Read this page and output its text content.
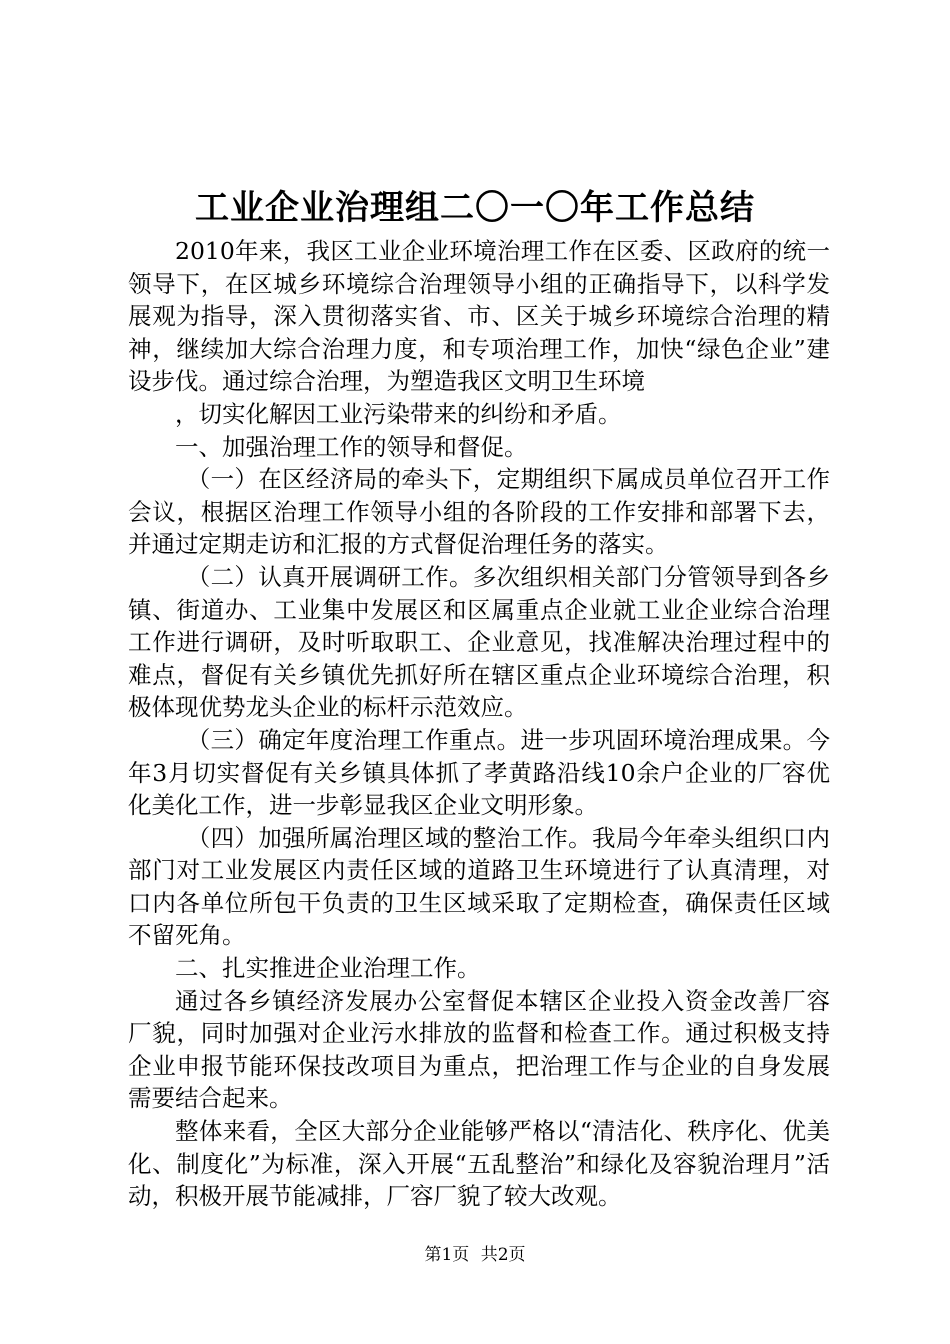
工业企业治理组二〇一〇年工作总结

2010年来，我区工业企业环境治理工作在区委、区政府的统一领导下，在区城乡环境综合治理领导小组的正确指导下，以科学发展观为指导，深入贯彻落实省、市、区关于城乡环境综合治理的精神，继续加大综合治理力度，和专项治理工作，加快“绿色企业”建设步伐。通过综合治理，为塑造我区文明卫生环境

，切实化解因工业污染带来的纠纷和矛盾。

一、加强治理工作的领导和督促。

（一）在区经济局的牵头下，定期组织下属成员单位召开工作会议，根据区治理工作领导小组的各阶段的工作安排和部署下去，并通过定期走访和汇报的方式督促治理任务的落实。

（二）认真开展调研工作。多次组织相关部门分管领导到各乡镇、街道办、工业集中发展区和区属重点企业就工业企业综合治理工作进行调研，及时听取职工、企业意见，找准解决治理过程中的难点，督促有关乡镇优先抓好所在辖区重点企业环境综合治理，积极体现优势龙头企业的标杆示范效应。

（三）确定年度治理工作重点。进一步巩固环境治理成果。今年3月切实督促有关乡镇具体抓了孝黄路沿线10余户企业的厂容优化美化工作，进一步彰显我区企业文明形象。

（四）加强所属治理区域的整治工作。我局今年牵头组织口内部门对工业发展区内责任区域的道路卫生环境进行了认真清理，对口内各单位所包干负责的卫生区域采取了定期检查，确保责任区域不留死角。

二、扎实推进企业治理工作。

通过各乡镇经济发展办公室督促本辖区企业投入资金改善厂容厂貌，同时加强对企业污水排放的监督和检查工作。通过积极支持企业申报节能环保技改项目为重点，把治理工作与企业的自身发展需要结合起来。

整体来看，全区大部分企业能够严格以“清洁化、秩序化、优美化、制度化”为标准，深入开展“五乱整治”和绿化及容貌治理月”活动，积极开展节能减排，厂容厂貌了较大改观。

第1页 共2页
